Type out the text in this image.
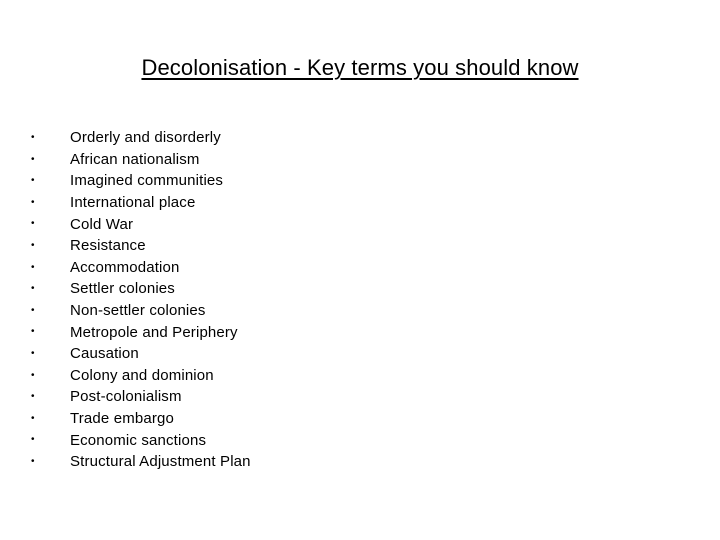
Decolonisation - Key terms you should know
•	Orderly and disorderly
•	African nationalism
•	Imagined communities
•	International place
•	Cold War
•	Resistance
•	Accommodation
•	Settler colonies
•	Non-settler colonies
•	Metropole and Periphery
•	Causation
•	Colony and dominion
•	Post-colonialism
•	Trade embargo
•	Economic sanctions
•	Structural Adjustment Plan
